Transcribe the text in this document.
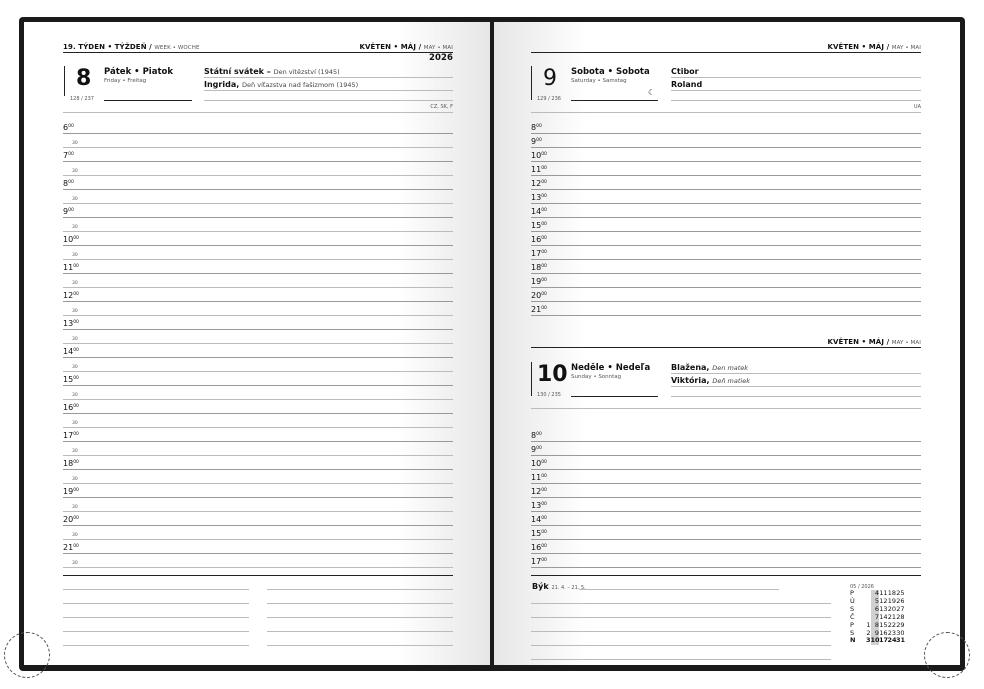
19. TÝDEN • TÝŽDEŇ / WEEK • WOCHE	KVĚTEN • MÁJ / MAY • MAI
2026
8 Pátek • Piatok
Friday • Freitag
128 / 237
Státní svátek – Den vítězství (1945)
Ingrida, Deň víťazstva nad fašizmom (1945)
CZ, SK, F
$6^{00}$
30
$7^{00}$
30
$8^{00}$
30
$9^{00}$
30
$10^{00}$
30
$11^{00}$
30
$12^{00}$
30
$13^{00}$
30
$14^{00}$
30
$15^{00}$
30
$16^{00}$
30
$17^{00}$
30
$18^{00}$
30
$19^{00}$
30
$20^{00}$
30
$21^{00}$
30
KVĚTEN • MÁJ / MAY • MAI
9 Sobota • Sobota
Saturday • Samstag
129 / 236
☾
Ctibor
Roland
UA
$8^{00}$
$9^{00}$
$10^{00}$
$11^{00}$
$12^{00}$
$13^{00}$
$14^{00}$
$15^{00}$
$16^{00}$
$17^{00}$
$18^{00}$
$19^{00}$
$20^{00}$
$21^{00}$
KVĚTEN • MÁJ / MAY • MAI
10 Neděle • Nedeľa
Sunday • Sonntag
130 / 235
Blažena, Den matek
Viktória, Deň matiek
$8^{00}$
$9^{00}$
$10^{00}$
$11^{00}$
$12^{00}$
$13^{00}$
$14^{00}$
$15^{00}$
$16^{00}$
$17^{00}$
Býk 21. 4. – 21. 5.	05 / 2026
P	4 11 18 25
Ú	5 12 19 26
S	6 13 20 27
Č	7 14 21 28
P	1 8 15 22 29
S	2 9 16 23 30
N	3 10 17 24 31
